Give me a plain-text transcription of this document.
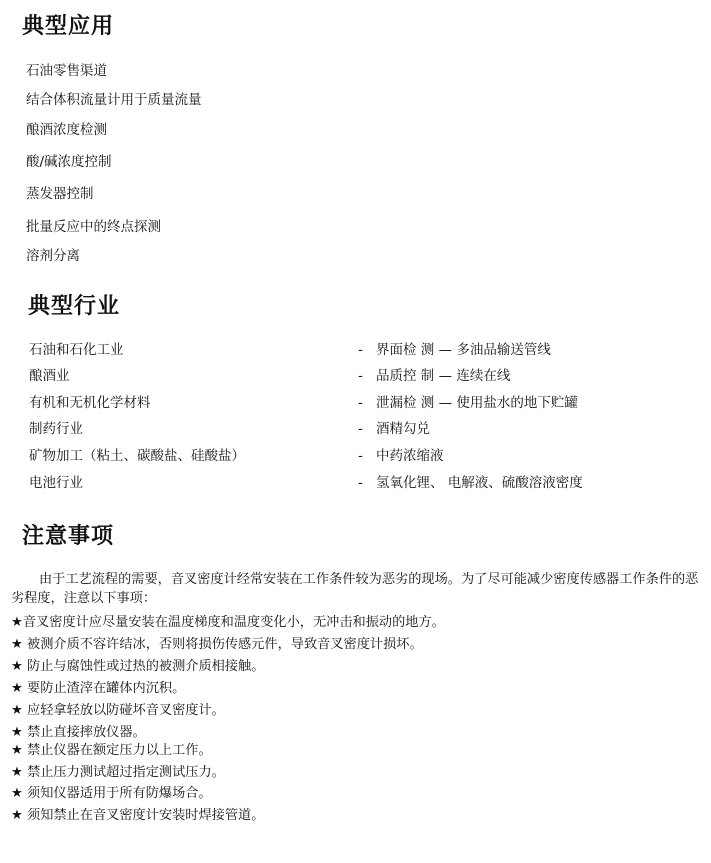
典型应用
石油零售渠道
结合体积流量计用于质量流量
酿酒浓度检测
酸/碱浓度控制
蒸发器控制
批量反应中的终点探测
溶剂分离
典型行业
石油和石化工业
酿酒业
有机和无机化学材料
制药行业
矿物加工（粘土、碳酸盐、硅酸盐）
电池行业
- 界面检 测 — 多油品输送管线
- 品质控 制 — 连续在线
- 泄漏检 测 — 使用盐水的地下贮罐
- 酒精勾兑
- 中药浓缩液
- 氢氧化锂、 电解液、硫酸溶液密度
注意事项
由于工艺流程的需要，音叉密度计经常安装在工作条件较为恶劣的现场。为了尽可能减少密度传感器工作条件的恶劣程度，注意以下事项：
★音叉密度计应尽量安装在温度梯度和温度变化小，无冲击和振动的地方。
★ 被测介质不容许结冰，否则将损伤传感元件，导致音叉密度计损坏。
★ 防止与腐蚀性或过热的被测介质相接触。
★ 要防止渣滓在罐体内沉积。
★ 应轻拿轻放以防碰坏音叉密度计。
★ 禁止直接摔放仪器。
★ 禁止仪器在额定压力以上工作。
★ 禁止压力测试超过指定测试压力。
★ 须知仪器适用于所有防爆场合。
★ 须知禁止在音叉密度计安装时焊接管道。
